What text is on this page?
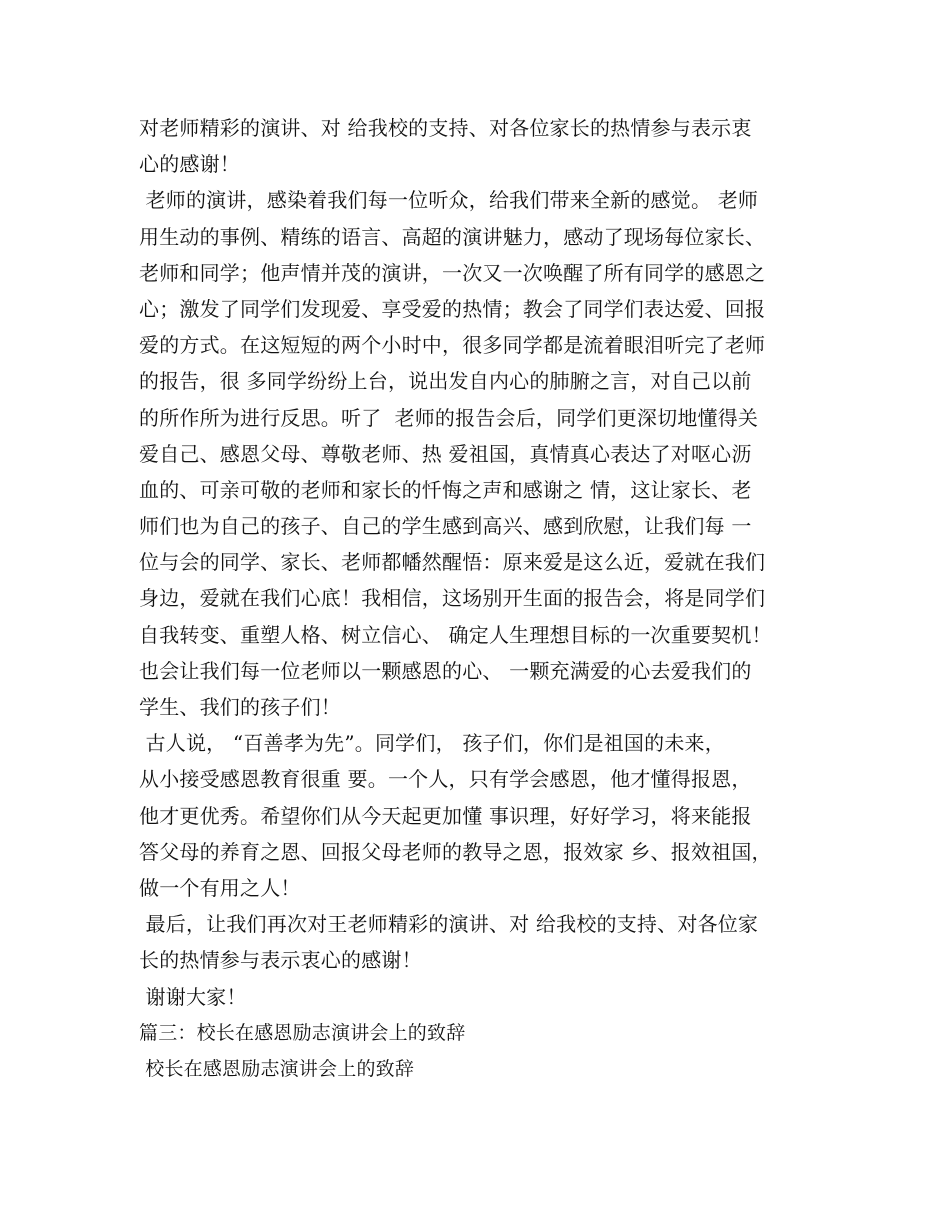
对老师精彩的演讲、对 给我校的支持、对各位家长的热情参与表示衷
心的感谢！
老师的演讲，感染着我们每一位听众，给我们带来全新的感觉。 老师
用生动的事例、精练的语言、高超的演讲魅力，感动了现场每位家长、
老师和同学；他声情并茂的演讲，一次又一次唤醒了所有同学的感恩之
心；激发了同学们发现爱、享受爱的热情；教会了同学们表达爱、回报
爱的方式。在这短短的两个小时中，很多同学都是流着眼泪听完了老师
的报告，很 多同学纷纷上台，说出发自内心的肺腑之言，对自己以前
的所作所为进行反思。听了  老师的报告会后，同学们更深切地懂得关
爱自己、感恩父母、尊敬老师、热 爱祖国，真情真心表达了对呕心沥
血的、可亲可敬的老师和家长的忏悔之声和感谢之 情，这让家长、老
师们也为自己的孩子、自己的学生感到高兴、感到欣慰，让我们每 一
位与会的同学、家长、老师都幡然醒悟：原来爱是这么近，爱就在我们
身边，爱就在我们心底！我相信，这场别开生面的报告会，将是同学们
自我转变、重塑人格、树立信心、 确定人生理想目标的一次重要契机！
也会让我们每一位老师以一颗感恩的心、 一颗充满爱的心去爱我们的
学生、我们的孩子们！
古人说， “百善孝为先”。同学们， 孩子们，你们是祖国的未来，
从小接受感恩教育很重 要。一个人，只有学会感恩，他才懂得报恩，
他才更优秀。希望你们从今天起更加懂 事识理，好好学习，将来能报
答父母的养育之恩、回报父母老师的教导之恩，报效家 乡、报效祖国，
做一个有用之人！
最后，让我们再次对王老师精彩的演讲、对 给我校的支持、对各位家
长的热情参与表示衷心的感谢！
谢谢大家！
篇三：校长在感恩励志演讲会上的致辞
校长在感恩励志演讲会上的致辞
